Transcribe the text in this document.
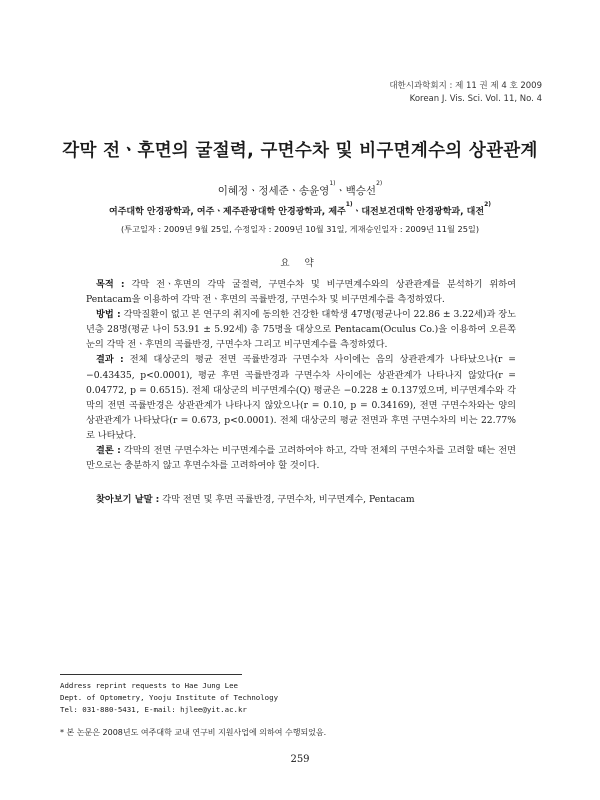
대한시과학회지 : 제 11 권 제 4 호 2009
Korean J. Vis. Sci. Vol. 11, No. 4
각막 전ㆍ후면의 굴절력, 구면수차 및 비구면계수의 상관관계
이혜정ㆍ정세준ㆍ송윤영$^{1)}$ㆍ백승선$^{2)}$
여주대학 안경광학과, 여주ㆍ제주관광대학 안경광학과, 제주$^{1)}$ㆍ대전보건대학 안경광학과, 대전$^{2)}$
(투고일자 : 2009년 9월 25일, 수정일자 : 2009년 10월 31일, 게재승인일자 : 2009년 11월 25일)
요 약

목적 : 각막 전ㆍ후면의 각막 굴절력, 구면수차 및 비구면계수와의 상관관계를 분석하기 위하여 Pentacam을 이용하여 각막 전ㆍ후면의 곡률반경, 구면수차 및 비구면계수를 측정하였다.

방법 : 각막질환이 없고 본 연구의 취지에 동의한 건강한 대학생 47명(평균나이 22.86 ± 3.22세)과 장노년층 28명(평균 나이 53.91 ± 5.92세) 총 75명을 대상으로 Pentacam(Oculus Co.)을 이용하여 오른쪽 눈의 각막 전ㆍ후면의 곡률반경, 구면수차 그리고 비구면계수를 측정하였다.

결과 : 전체 대상군의 평균 전면 곡률반경과 구면수차 사이에는 음의 상관관계가 나타났으나(r = −0.43435, p<0.0001), 평균 후면 곡률반경과 구면수차 사이에는 상관관계가 나타나지 않았다(r = 0.04772, p = 0.6515). 전체 대상군의 비구면계수(Q) 평균은 −0.228 ± 0.137였으며, 비구면계수와 각막의 전면 곡률반경은 상관관계가 나타나지 않았으나(r = 0.10, p = 0.34169), 전면 구면수차와는 양의 상관관계가 나타났다(r = 0.673, p<0.0001). 전체 대상군의 평균 전면과 후면 구면수차의 비는 22.77%로 나타났다.

결론 : 각막의 전면 구면수차는 비구면계수를 고려하여야 하고, 각막 전체의 구면수차를 고려할 때는 전면만으로는 충분하지 않고 후면수차를 고려하여야 할 것이다.

찾아보기 낱말 : 각막 전면 및 후면 곡률반경, 구면수차, 비구면계수, Pentacam
Address reprint requests to Hae Jung Lee
Dept. of Optometry, Yooju Institute of Technology
Tel: 031-880-5431, E-mail: hjlee@yit.ac.kr
* 본 논문은 2008년도 여주대학 교내 연구비 지원사업에 의하여 수행되었음.
259
